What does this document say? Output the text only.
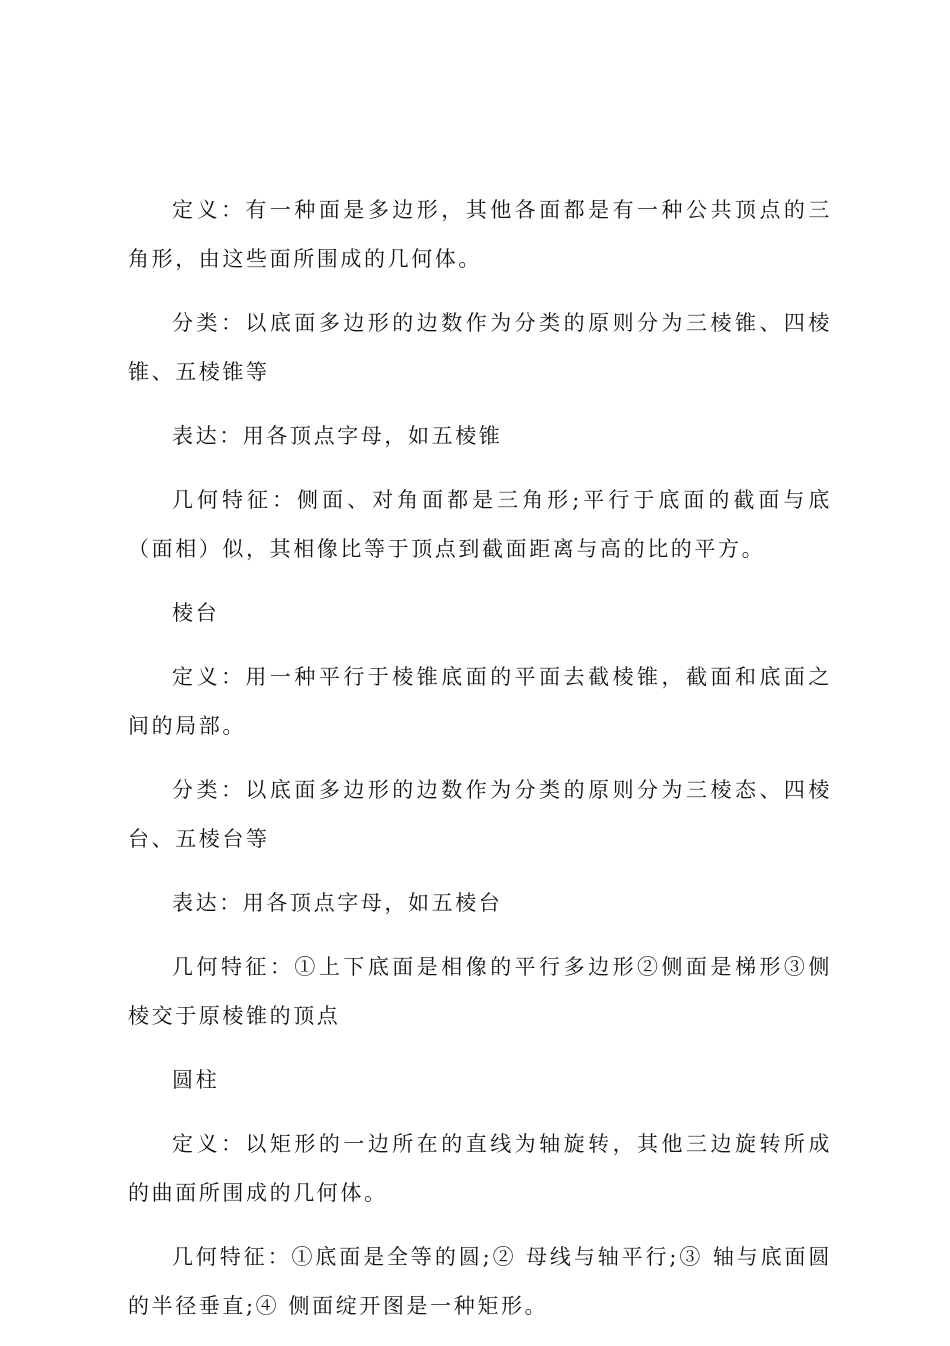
定义：有一种面是多边形，其他各面都是有一种公共顶点的三角形，由这些面所围成的几何体。

分类：以底面多边形的边数作为分类的原则分为三棱锥、四棱锥、五棱锥等

表达：用各顶点字母，如五棱锥

几何特征：侧面、对角面都是三角形;平行于底面的截面与底（面相）似，其相像比等于顶点到截面距离与高的比的平方。

棱台

定义：用一种平行于棱锥底面的平面去截棱锥，截面和底面之间的局部。

分类：以底面多边形的边数作为分类的原则分为三棱态、四棱台、五棱台等

表达：用各顶点字母，如五棱台

几何特征：①上下底面是相像的平行多边形②侧面是梯形③侧棱交于原棱锥的顶点

圆柱

定义：以矩形的一边所在的直线为轴旋转，其他三边旋转所成的曲面所围成的几何体。

几何特征：①底面是全等的圆;② 母线与轴平行;③ 轴与底面圆的半径垂直;④ 侧面绽开图是一种矩形。
